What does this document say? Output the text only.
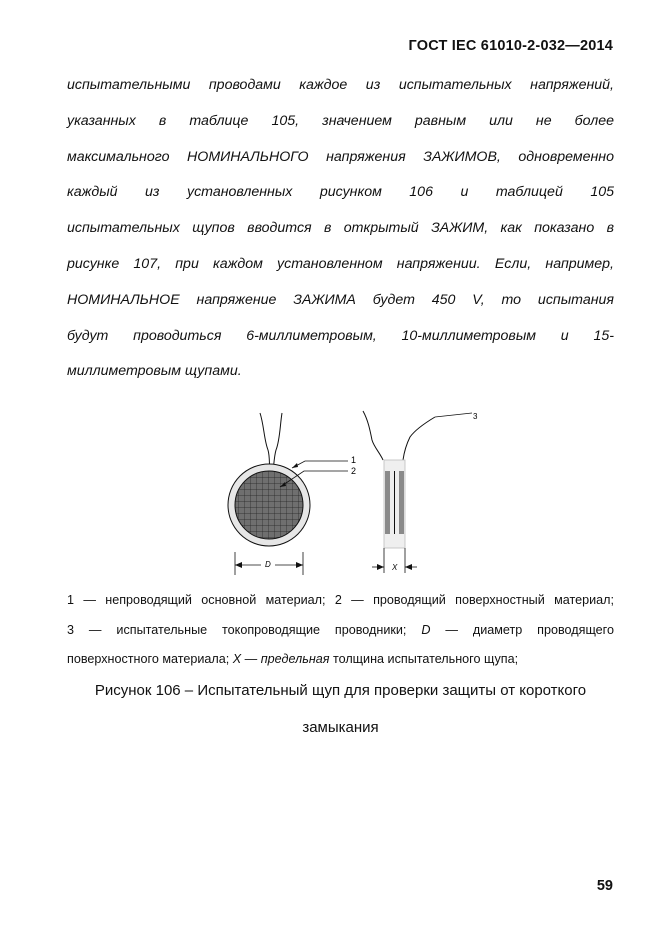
ГОСТ IEC 61010-2-032—2014
испытательными проводами каждое из испытательных напряжений,
указанных в таблице 105, значением равным или не более
максимального НОМИНАЛЬНОГО напряжения ЗАЖИМОВ, одновременно
каждый из установленных рисунком 106 и таблицей 105
испытательных щупов вводится в открытый ЗАЖИМ, как показано в
рисунке 107, при каждом установленном напряжении. Если, например,
НОМИНАЛЬНОЕ напряжение ЗАЖИМА будет 450 V, то испытания
будут проводиться 6-миллиметровым, 10-миллиметровым и 15-
миллиметровым щупами.
1
2
D
3
X
1 — непроводящий основной материал; 2 — проводящий поверхностный материал;
3 — испытательные токопроводящие проводники; D — диаметр проводящего
поверхностного материала; X — предельная толщина испытательного щупа;
Рисунок 106 – Испытательный щуп для проверки защиты от короткого
замыкания
59
